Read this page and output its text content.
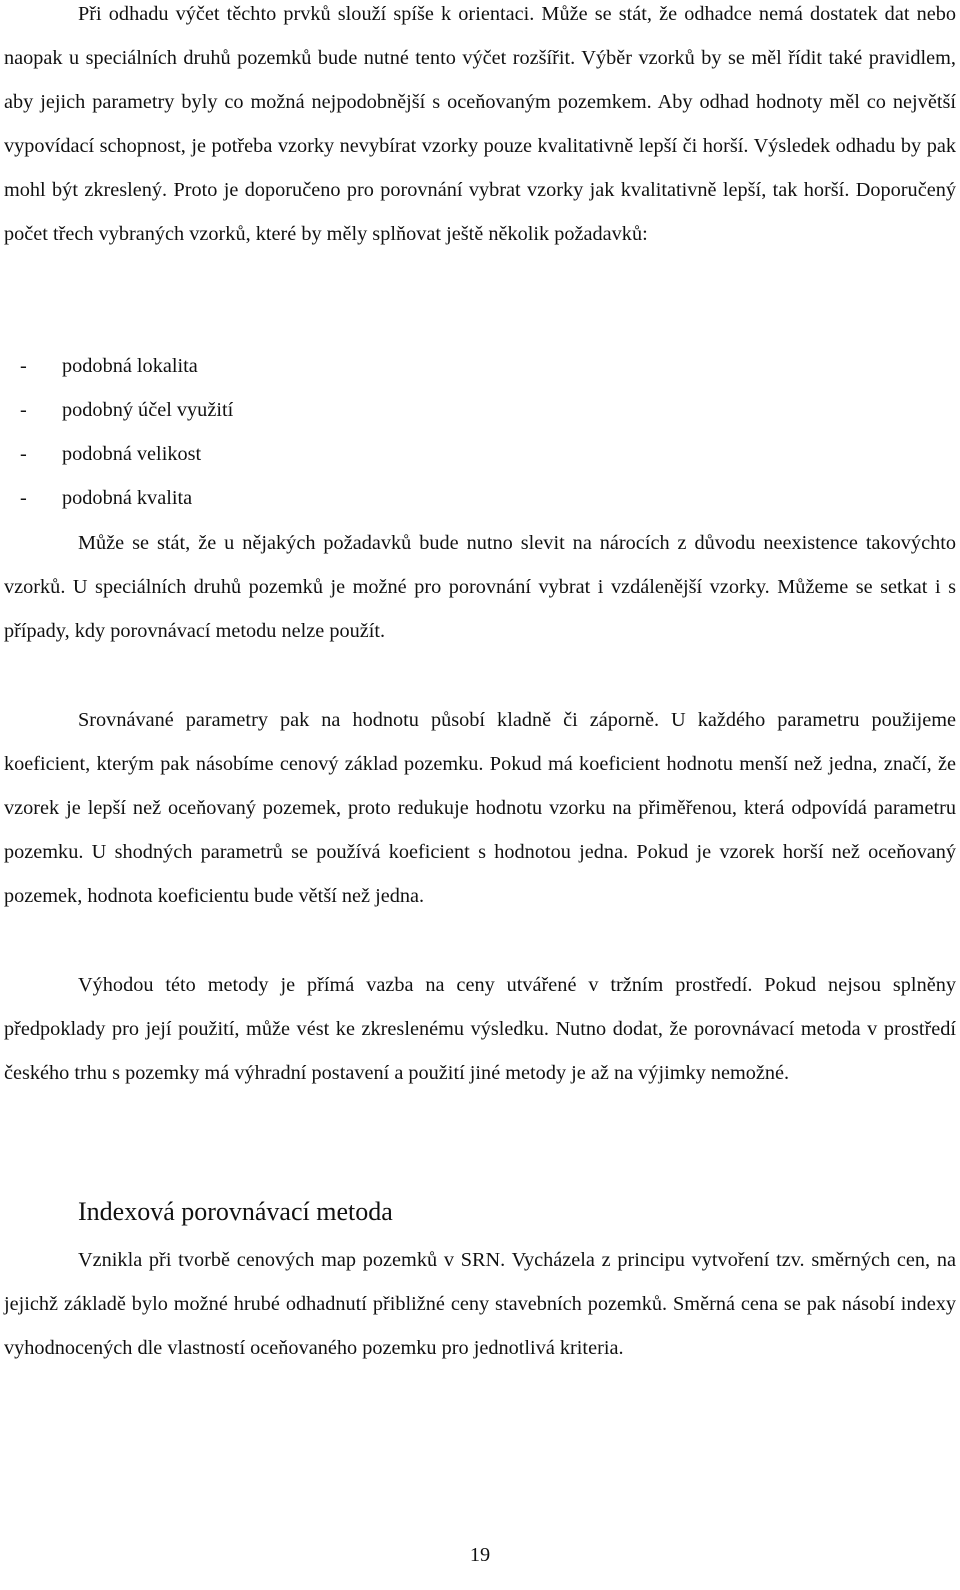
Při odhadu výčet těchto prvků slouží spíše k orientaci. Může se stát, že odhadce nemá dostatek dat nebo naopak u speciálních druhů pozemků bude nutné tento výčet rozšířit. Výběr vzorků by se měl řídit také pravidlem, aby jejich parametry byly co možná nejpodobnější s oceňovaným pozemkem. Aby odhad hodnoty měl co největší vypovídací schopnost, je potřeba vzorky nevybírat vzorky pouze kvalitativně lepší či horší. Výsledek odhadu by pak mohl být zkreslený. Proto je doporučeno pro porovnání vybrat vzorky jak kvalitativně lepší, tak horší. Doporučený počet třech vybraných vzorků, které by měly splňovat ještě několik požadavků:

- podobná lokalita
- podobný účel využití
- podobná velikost
- podobná kvalita

Může se stát, že u nějakých požadavků bude nutno slevit na nárocích z důvodu neexistence takovýchto vzorků. U speciálních druhů pozemků je možné pro porovnání vybrat i vzdálenější vzorky. Můžeme se setkat i s případy, kdy porovnávací metodu nelze použít.

Srovnávané parametry pak na hodnotu působí kladně či záporně. U každého parametru použijeme koeficient, kterým pak násobíme cenový základ pozemku. Pokud má koeficient hodnotu menší než jedna, značí, že vzorek je lepší než oceňovaný pozemek, proto redukuje hodnotu vzorku na přiměřenou, která odpovídá parametru pozemku. U shodných parametrů se používá koeficient s hodnotou jedna. Pokud je vzorek horší než oceňovaný pozemek, hodnota koeficientu bude větší než jedna.

Výhodou této metody je přímá vazba na ceny utvářené v tržním prostředí. Pokud nejsou splněny předpoklady pro její použití, může vést ke zkreslenému výsledku. Nutno dodat, že porovnávací metoda v prostředí českého trhu s pozemky má výhradní postavení a použití jiné metody je až na výjimky nemožné.

Indexová porovnávací metoda

Vznikla při tvorbě cenových map pozemků v SRN. Vycházela z principu vytvoření tzv. směrných cen, na jejichž základě bylo možné hrubé odhadnutí přibližné ceny stavebních pozemků. Směrná cena se pak násobí indexy vyhodnocených dle vlastností oceňovaného pozemku pro jednotlivá kriteria.

19
